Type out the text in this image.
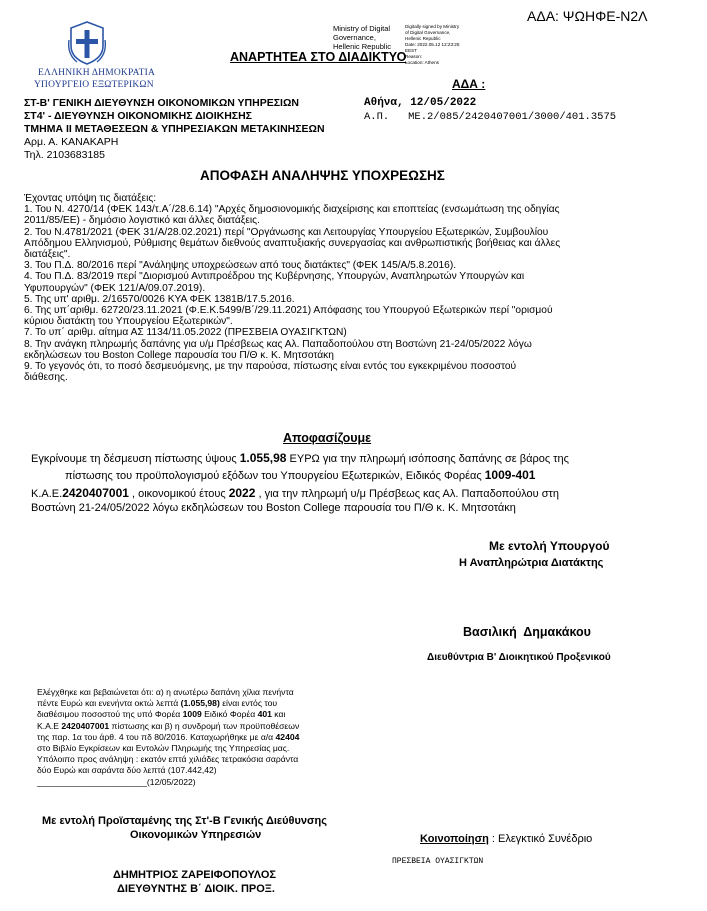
ΑΔΑ: ΨΩΗΦΕ-Ν2Λ
ΕΛΛΗΝΙΚΗ ΔΗΜΟΚΡΑΤΙΑ
ΥΠΟΥΡΓΕΙΟ ΕΞΩΤΕΡΙΚΩΝ
Ministry of Digital
Governance,
Hellenic Republic
Digitally signed by Ministry
of Digital Governance,
Hellenic Republic
Date: 2022.05.12 12:23:25
EEST
Reason:
Location: Athens
ΑΝΑΡΤΗΤΕΑ ΣΤΟ ΔΙΑΔΙΚΤΥΟ
ΑΔΑ :
ΣΤ-Β' ΓΕΝΙΚΗ ΔΙΕΥΘΥΝΣΗ ΟΙΚΟΝΟΜΙΚΩΝ ΥΠΗΡΕΣΙΩΝ
ΣΤ4' - ΔΙΕΥΘΥΝΣΗ ΟΙΚΟΝΟΜΙΚΗΣ ΔΙΟΙΚΗΣΗΣ
ΤΜΗΜΑ ΙΙ ΜΕΤΑΘΕΣΕΩΝ & ΥΠΗΡΕΣΙΑΚΩΝ ΜΕΤΑΚΙΝΗΣΕΩΝ
Αρμ. Α. ΚΑΝΑΚΑΡΗ
Τηλ. 2103683185
Αθήνα, 12/05/2022
Α.Π.   ΜΕ.2/085/2420407001/3000/401.3575
ΑΠΟΦΑΣΗ ΑΝΑΛΗΨΗΣ ΥΠΟΧΡΕΩΣΗΣ
Έχοντας υπόψη τις διατάξεις:
1. Του Ν. 4270/14 (ΦΕΚ 143/τ.Α΄/28.6.14) "Αρχές δημοσιονομικής διαχείρισης και εποπτείας (ενσωμάτωση της οδηγίας
2011/85/ΕΕ) - δημόσιο λογιστικό και άλλες διατάξεις.
2. Του Ν.4781/2021 (ΦΕΚ 31/Α/28.02.2021) περί "Οργάνωσης και Λειτουργίας Υπουργείου Εξωτερικών, Συμβουλίου
Απόδημου Ελληνισμού, Ρύθμισης θεμάτων διεθνούς αναπτυξιακής συνεργασίας και ανθρωπιστικής βοήθειας και άλλες
διατάξεις".
3. Του Π.Δ. 80/2016 περί "Ανάληψης υποχρεώσεων από τους διατάκτες" (ΦΕΚ 145/Α/5.8.2016).
4. Του Π.Δ. 83/2019 περί "Διορισμού Αντιπροέδρου της Κυβέρνησης, Υπουργών, Αναπληρωτών Υπουργών και
Υφυπουργών" (ΦΕΚ 121/Α/09.07.2019).
5. Της υπ' αριθμ. 2/16570/0026 ΚΥΑ ΦΕΚ 1381Β/17.5.2016.
6. Της υπ΄αριθμ. 62720/23.11.2021 (Φ.Ε.Κ.5499/Β΄/29.11.2021) Απόφασης του Υπουργού Εξωτερικών περί "ορισμού
κύριου διατάκτη του Υπουργείου Εξωτερικών".
7. Το υπ΄ αριθμ. αίτημα ΑΣ 1134/11.05.2022 (ΠΡΕΣΒΕΙΑ ΟΥΑΣΙΓΚΤΩΝ)
8. Την ανάγκη πληρωμής δαπάνης για υ/μ Πρέσβεως κας Αλ. Παπαδοπούλου στη Βοστώνη 21-24/05/2022 λόγω
εκδηλώσεων του Boston College παρουσία του Π/Θ κ. Κ. Μητσοτάκη
9. Το γεγονός ότι, το ποσό δεσμευόμενης, με την παρούσα, πίστωσης είναι εντός του εγκεκριμένου ποσοστού
διάθεσης.
Αποφασίζουμε
Εγκρίνουμε τη δέσμευση πίστωσης ύψους 1.055,98 ΕΥΡΩ για την πληρωμή ισόποσης δαπάνης σε βάρος της
πίστωσης του προϋπολογισμού εξόδων του Υπουργείου Εξωτερικών, Ειδικός Φορέας 1009-401
Κ.Α.Ε.2420407001 , οικονομικού έτους 2022 , για την πληρωμή υ/μ Πρέσβεως κας Αλ. Παπαδοπούλου στη
Βοστώνη 21-24/05/2022 λόγω εκδηλώσεων του Boston College παρουσία του Π/Θ κ. Κ. Μητσοτάκη
Με εντολή Υπουργού
Η Αναπληρώτρια Διατάκτης
Βασιλική  Δημακάκου
Διευθύντρια Β' Διοικητικού Προξενικού
Ελέγχθηκε και βεβαιώνεται ότι: α) η ανωτέρω δαπάνη χίλια πενήντα
πέντε Ευρώ και ενενήντα οκτώ λεπτά (1.055,98) είναι εντός του
διαθέσιμου ποσοστού της υπό Φορέα 1009 Ειδικό Φορέα 401 και
Κ.Α.Ε 2420407001 πίστωσης και β) η συνδρομή των προϋποθέσεων
της παρ. 1α του άρθ. 4 του πδ 80/2016. Καταχωρήθηκε με α/α 42404
στο Βιβλίο Εγκρίσεων και Εντολών Πληρωμής της Υπηρεσίας μας.
Υπόλοιπο προς ανάληψη : εκατόν επτά χιλιάδες τετρακόσια σαράντα
δύο Ευρώ και σαράντα δύο λεπτά (107.442,42)
_______________________(12/05/2022)
Με εντολή Προϊσταμένης της Στ'-Β Γενικής Διεύθυνσης
Οικονομικών Υπηρεσιών
ΔΗΜΗΤΡΙΟΣ ΖΑΡΕΙΦΟΠΟΥΛΟΣ
ΔΙΕΥΘΥΝΤΗΣ Β΄ ΔΙΟΙΚ. ΠΡΟΞ.
Κοινοποίηση : Ελεγκτικό Συνέδριο
ΠΡΕΣΒΕΙΑ ΟΥΑΣΙΓΚΤΩΝ
